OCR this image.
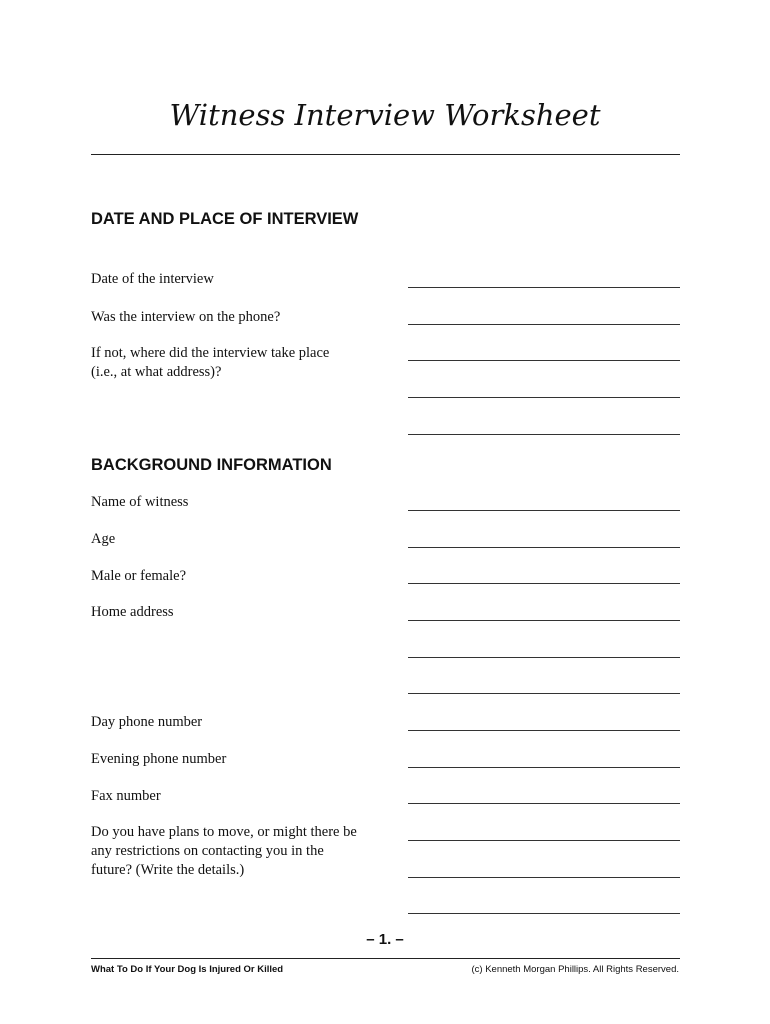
Witness Interview Worksheet
DATE AND PLACE OF INTERVIEW
Date of the interview
Was the interview on the phone?
If not, where did the interview take place (i.e., at what address)?
BACKGROUND INFORMATION
Name of witness
Age
Male or female?
Home address
Day phone number
Evening phone number
Fax number
Do you have plans to move, or might there be any restrictions on contacting you in the future? (Write the details.)
– 1. –
What To Do If Your Dog Is Injured Or Killed	(c) Kenneth Morgan Phillips. All Rights Reserved.
